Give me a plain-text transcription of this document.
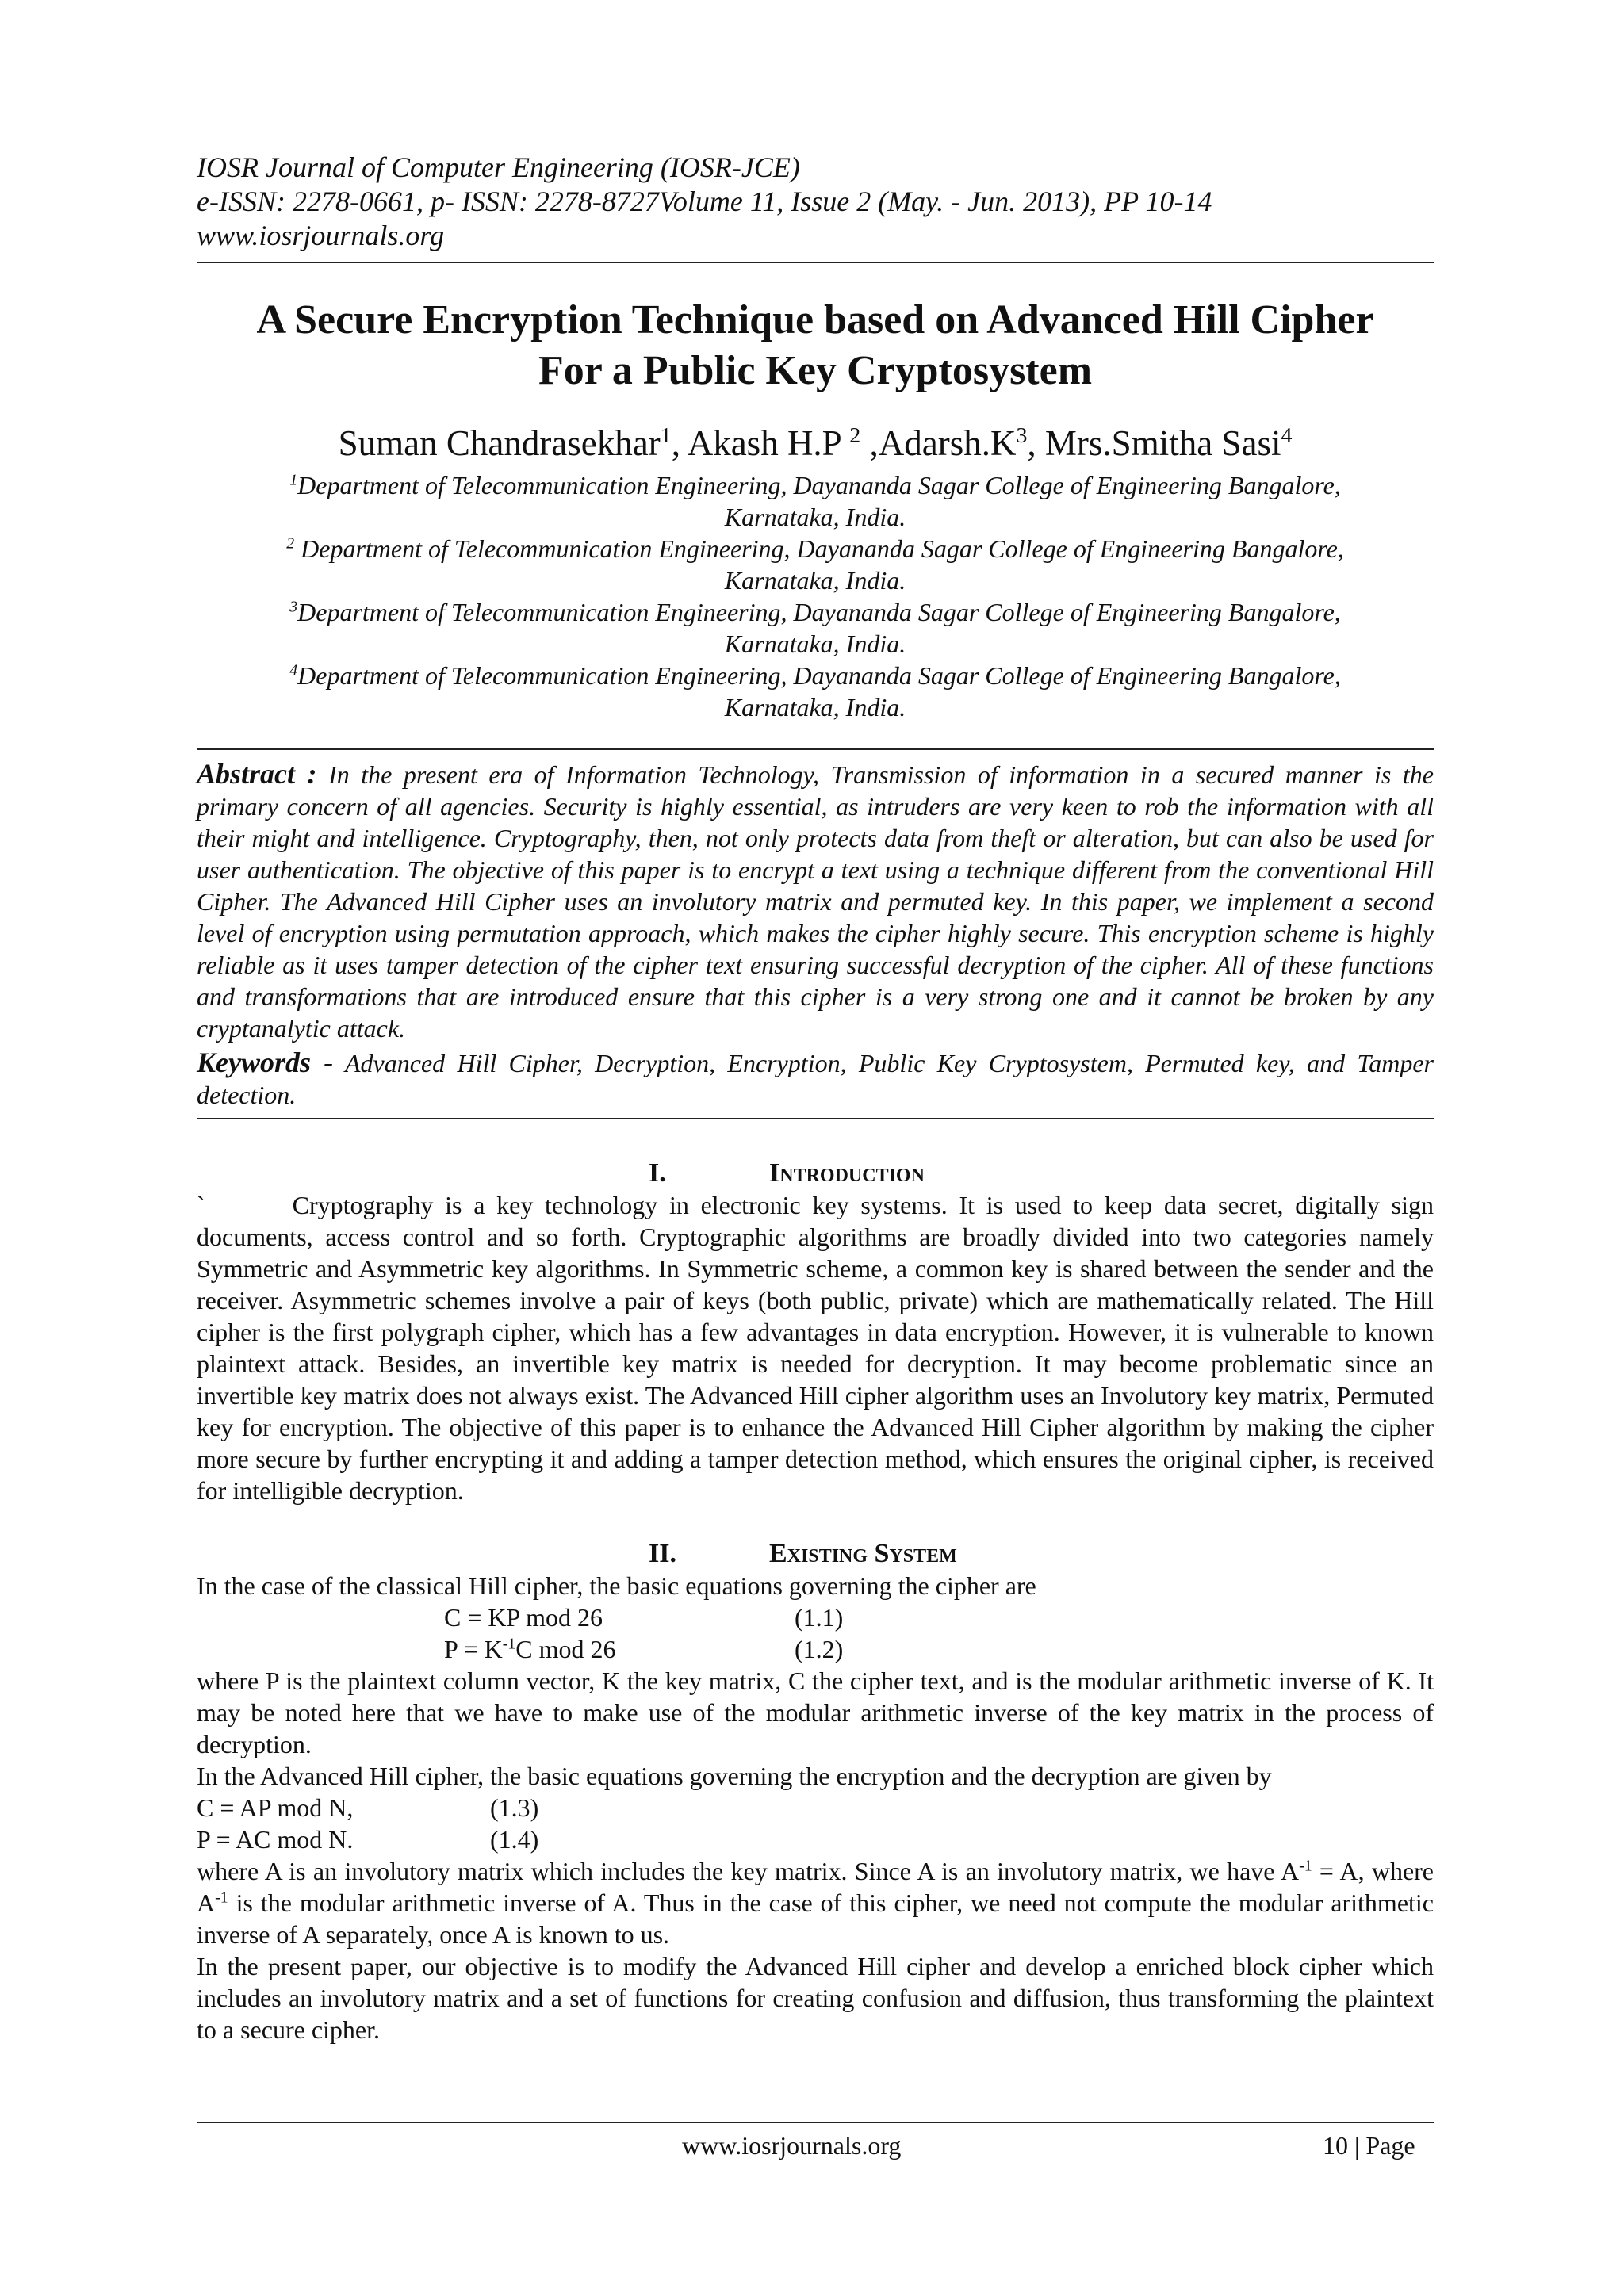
IOSR Journal of Computer Engineering (IOSR-JCE)
e-ISSN: 2278-0661, p- ISSN: 2278-8727Volume 11, Issue 2 (May. - Jun. 2013), PP 10-14
www.iosrjournals.org
A Secure Encryption Technique based on Advanced Hill Cipher
For a Public Key Cryptosystem
Suman Chandrasekhar$^1$, Akash H.P $^2$ $,Adarsh.K^3$, Mrs.Smitha Sasi$^4$
$^1$Department of Telecommunication Engineering, Dayananda Sagar College of Engineering Bangalore,
Karnataka, India.
$^2$ Department of Telecommunication Engineering, Dayananda Sagar College of Engineering Bangalore,
Karnataka, India.
$^3$Department of Telecommunication Engineering, Dayananda Sagar College of Engineering Bangalore,
Karnataka, India.
$^4$Department of Telecommunication Engineering, Dayananda Sagar College of Engineering Bangalore,
Karnataka, India.
Abstract : In the present era of Information Technology, Transmission of information in a secured manner is the primary concern of all agencies. Security is highly essential, as intruders are very keen to rob the information with all their might and intelligence. Cryptography, then, not only protects data from theft or alteration, but can also be used for user authentication. The objective of this paper is to encrypt a text using a technique different from the conventional Hill Cipher. The Advanced Hill Cipher uses an involutory matrix and permuted key. In this paper, we implement a second level of encryption using permutation approach, which makes the cipher highly secure. This encryption scheme is highly reliable as it uses tamper detection of the cipher text ensuring successful decryption of the cipher. All of these functions and transformations that are introduced ensure that this cipher is a very strong one and it cannot be broken by any cryptanalytic attack.
Keywords - Advanced Hill Cipher, Decryption, Encryption, Public Key Cryptosystem, Permuted key, and Tamper detection.
I.	Introduction

`	Cryptography is a key technology in electronic key systems. It is used to keep data secret, digitally sign documents, access control and so forth. Cryptographic algorithms are broadly divided into two categories namely Symmetric and Asymmetric key algorithms. In Symmetric scheme, a common key is shared between the sender and the receiver. Asymmetric schemes involve a pair of keys (both public, private) which are mathematically related. The Hill cipher is the first polygraph cipher, which has a few advantages in data encryption. However, it is vulnerable to known plaintext attack. Besides, an invertible key matrix is needed for decryption. It may become problematic since an invertible key matrix does not always exist. The Advanced Hill cipher algorithm uses an Involutory key matrix, Permuted key for encryption. The objective of this paper is to enhance the Advanced Hill Cipher algorithm by making the cipher more secure by further encrypting it and adding a tamper detection method, which ensures the original cipher, is received for intelligible decryption.

II.	Existing System
In the case of the classical Hill cipher, the basic equations governing the cipher are
C = KP mod 26	(1.1)
$P = K^{-1}C$ mod 26	(1.2)
where P is the plaintext column vector, K the key matrix, C the cipher text, and is the modular arithmetic inverse of K. It may be noted here that we have to make use of the modular arithmetic inverse of the key matrix in the process of decryption.
In the Advanced Hill cipher, the basic equations governing the encryption and the decryption are given by
C = AP mod N,	(1.3)
P = AC mod N.	(1.4)
where A is an involutory matrix which includes the key matrix. Since A is an involutory matrix, we have $A^{-1} = A$, where $A^{-1}$ is the modular arithmetic inverse of A. Thus in the case of this cipher, we need not compute the modular arithmetic inverse of A separately, once A is known to us.
In the present paper, our objective is to modify the Advanced Hill cipher and develop a enriched block cipher which includes an involutory matrix and a set of functions for creating confusion and diffusion, thus transforming the plaintext to a secure cipher.
www.iosrjournals.org	10 | Page
